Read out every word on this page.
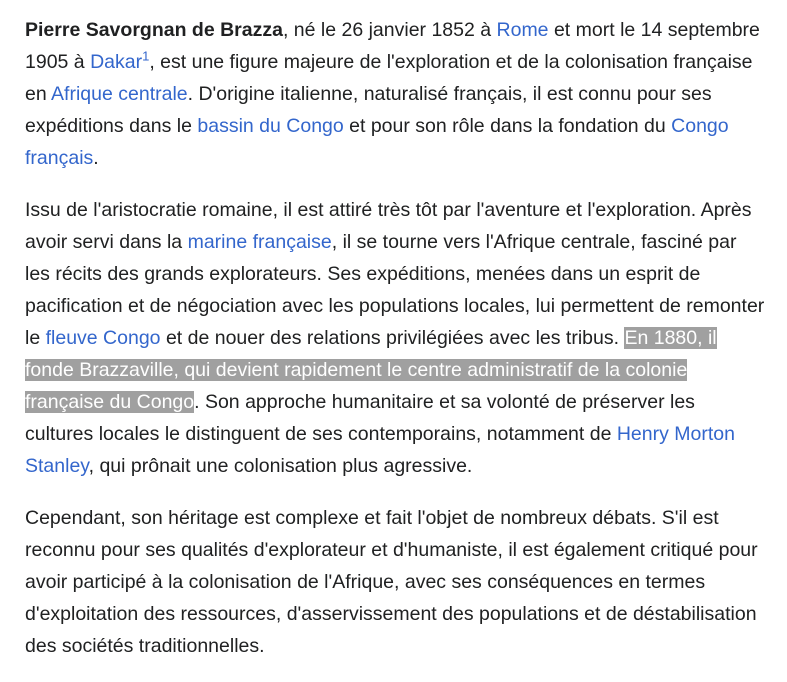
Pierre Savorgnan de Brazza, né le 26 janvier 1852 à Rome et mort le 14 septembre 1905 à Dakar$^1$, est une figure majeure de l'exploration et de la colonisation française en Afrique centrale. D'origine italienne, naturalisé français, il est connu pour ses expéditions dans le bassin du Congo et pour son rôle dans la fondation du Congo français.

Issu de l'aristocratie romaine, il est attiré très tôt par l'aventure et l'exploration. Après avoir servi dans la marine française, il se tourne vers l'Afrique centrale, fasciné par les récits des grands explorateurs. Ses expéditions, menées dans un esprit de pacification et de négociation avec les populations locales, lui permettent de remonter le fleuve Congo et de nouer des relations privilégiées avec les tribus. En 1880, il fonde Brazzaville, qui devient rapidement le centre administratif de la colonie française du Congo. Son approche humanitaire et sa volonté de préserver les cultures locales le distinguent de ses contemporains, notamment de Henry Morton Stanley, qui prônait une colonisation plus agressive.

Cependant, son héritage est complexe et fait l'objet de nombreux débats. S'il est reconnu pour ses qualités d'explorateur et d'humaniste, il est également critiqué pour avoir participé à la colonisation de l'Afrique, avec ses conséquences en termes d'exploitation des ressources, d'asservissement des populations et de déstabilisation des sociétés traditionnelles.
